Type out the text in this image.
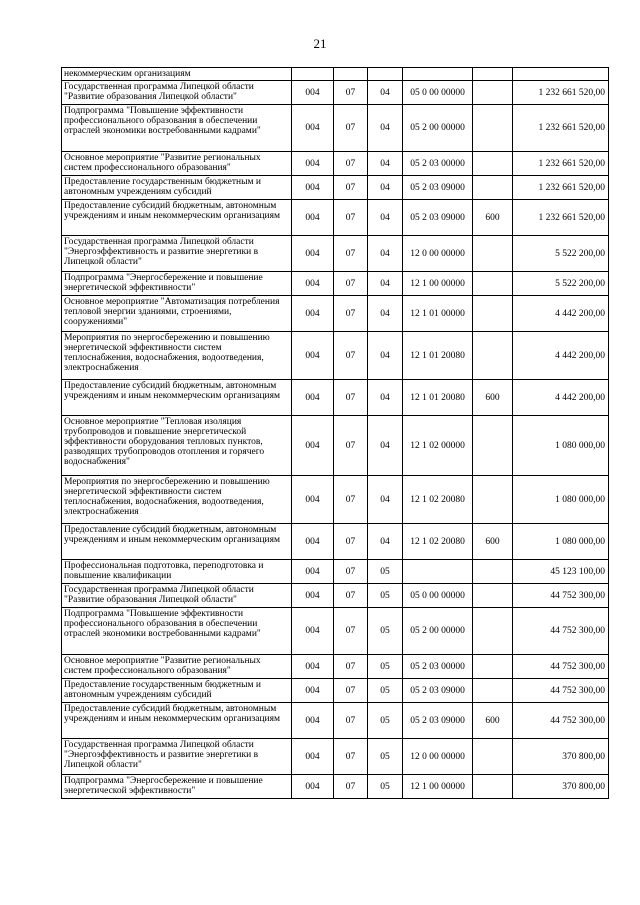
21
некоммерческим организациям						
Государственная программа Липецкой области "Развитие образования Липецкой области"	004	07	04	05 0 00 00000		1 232 661 520,00
Подпрограмма "Повышение эффективности профессионального образования в обеспечении отраслей экономики востребованными кадрами"	004	07	04	05 2 00 00000		1 232 661 520,00
Основное мероприятие "Развитие региональных систем профессионального образования"	004	07	04	05 2 03 00000		1 232 661 520,00
Предоставление государственным бюджетным и автономным учреждениям субсидий	004	07	04	05 2 03 09000		1 232 661 520,00
Предоставление субсидий бюджетным, автономным учреждениям и иным некоммерческим организациям	004	07	04	05 2 03 09000	600	1 232 661 520,00
Государственная программа Липецкой области "Энергоэффективность и развитие энергетики в Липецкой области"	004	07	04	12 0 00 00000		5 522 200,00
Подпрограмма "Энергосбережение и повышение энергетической эффективности"	004	07	04	12 1 00 00000		5 522 200,00
Основное мероприятие "Автоматизация потребления тепловой энергии зданиями, строениями, сооружениями"	004	07	04	12 1 01 00000		4 442 200,00
Мероприятия по энергосбережению и повышению энергетической эффективности систем теплоснабжения, водоснабжения, водоотведения, электроснабжения	004	07	04	12 1 01 20080		4 442 200,00
Предоставление субсидий бюджетным, автономным учреждениям и иным некоммерческим организациям	004	07	04	12 1 01 20080	600	4 442 200,00
Основное мероприятие "Тепловая изоляция трубопроводов и повышение энергетической эффективности оборудования тепловых пунктов, разводящих трубопроводов отопления и горячего водоснабжения"	004	07	04	12 1 02 00000		1 080 000,00
Мероприятия по энергосбережению и повышению энергетической эффективности систем теплоснабжения, водоснабжения, водоотведения, электроснабжения	004	07	04	12 1 02 20080		1 080 000,00
Предоставление субсидий бюджетным, автономным учреждениям и иным некоммерческим организациям	004	07	04	12 1 02 20080	600	1 080 000,00
Профессиональная подготовка, переподготовка и повышение квалификации	004	07	05			45 123 100,00
Государственная программа Липецкой области "Развитие образования Липецкой области"	004	07	05	05 0 00 00000		44 752 300,00
Подпрограмма "Повышение эффективности профессионального образования в обеспечении отраслей экономики востребованными кадрами"	004	07	05	05 2 00 00000		44 752 300,00
Основное мероприятие "Развитие региональных систем профессионального образования"	004	07	05	05 2 03 00000		44 752 300,00
Предоставление государственным бюджетным и автономным учреждениям субсидий	004	07	05	05 2 03 09000		44 752 300,00
Предоставление субсидий бюджетным, автономным учреждениям и иным некоммерческим организациям	004	07	05	05 2 03 09000	600	44 752 300,00
Государственная программа Липецкой области "Энергоэффективность и развитие энергетики в Липецкой области"	004	07	05	12 0 00 00000		370 800,00
Подпрограмма "Энергосбережение и повышение энергетической эффективности"	004	07	05	12 1 00 00000		370 800,00
